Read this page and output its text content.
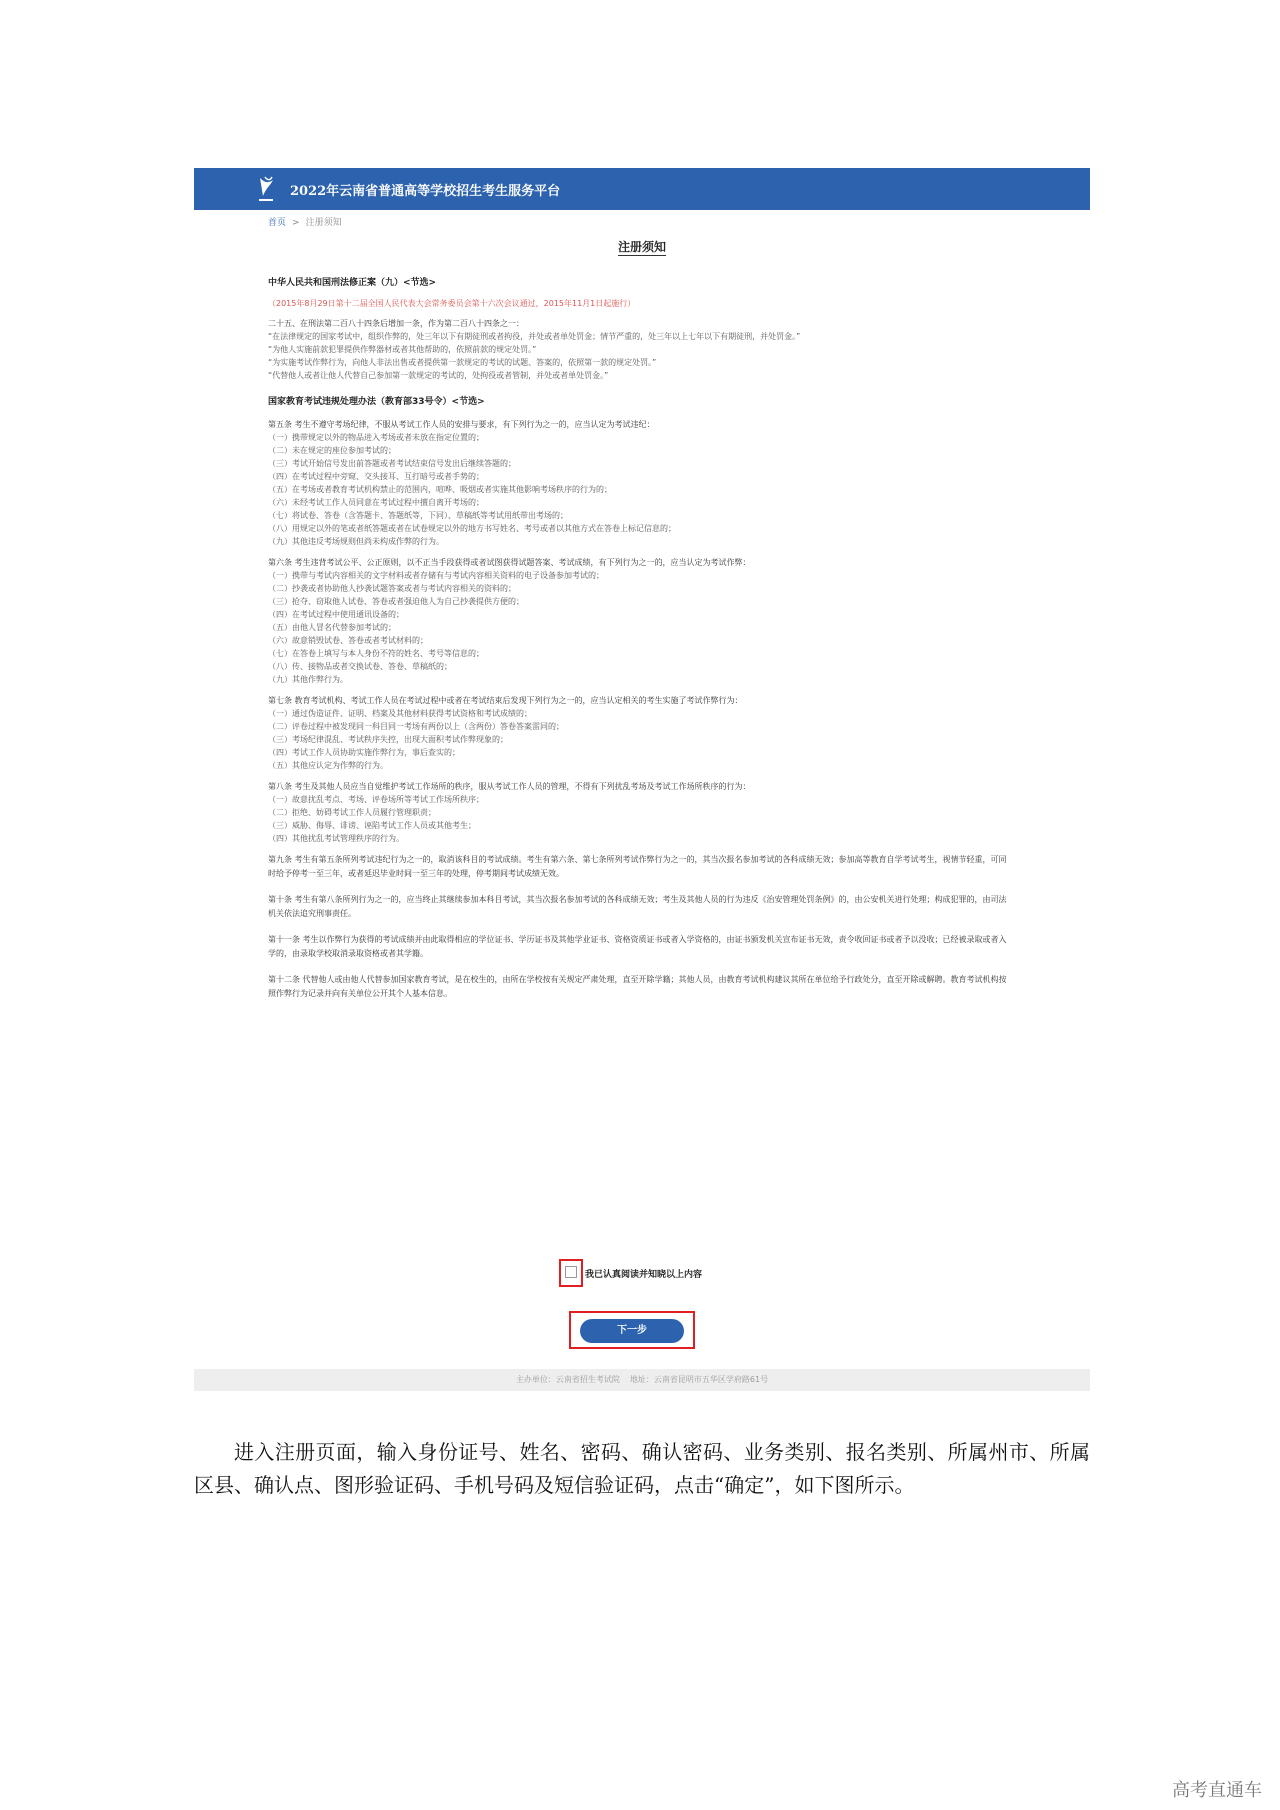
2022年云南省普通高等学校招生考生服务平台
首页 > 注册须知
注册须知
中华人民共和国刑法修正案（九）<节选>
（2015年8月29日第十二届全国人民代表大会常务委员会第十六次会议通过，2015年11月1日起施行）
二十五、在刑法第二百八十四条后增加一条，作为第二百八十四条之一：
“在法律规定的国家考试中，组织作弊的，处三年以下有期徒刑或者拘役，并处或者单处罚金；情节严重的，处三年以上七年以下有期徒刑，并处罚金。”
“为他人实施前款犯罪提供作弊器材或者其他帮助的，依照前款的规定处罚。”
“为实施考试作弊行为，向他人非法出售或者提供第一款规定的考试的试题、答案的，依照第一款的规定处罚。”
“代替他人或者让他人代替自己参加第一款规定的考试的，处拘役或者管制，并处或者单处罚金。”
国家教育考试违规处理办法（教育部33号令）<节选>
第五条 考生不遵守考场纪律，不服从考试工作人员的安排与要求，有下列行为之一的，应当认定为考试违纪：
（一）携带规定以外的物品进入考场或者未放在指定位置的；
（二）未在规定的座位参加考试的；
（三）考试开始信号发出前答题或者考试结束信号发出后继续答题的；
（四）在考试过程中旁窥、交头接耳、互打暗号或者手势的；
（五）在考场或者教育考试机构禁止的范围内，喧哗、吸烟或者实施其他影响考场秩序的行为的；
（六）未经考试工作人员同意在考试过程中擅自离开考场的；
（七）将试卷、答卷（含答题卡、答题纸等，下同）、草稿纸等考试用纸带出考场的；
（八）用规定以外的笔或者纸答题或者在试卷规定以外的地方书写姓名、考号或者以其他方式在答卷上标记信息的；
（九）其他违反考场规则但尚未构成作弊的行为。
第六条 考生违背考试公平、公正原则，以不正当手段获得或者试图获得试题答案、考试成绩，有下列行为之一的，应当认定为考试作弊：
（一）携带与考试内容相关的文字材料或者存储有与考试内容相关资料的电子设备参加考试的；
（二）抄袭或者协助他人抄袭试题答案或者与考试内容相关的资料的；
（三）抢夺、窃取他人试卷、答卷或者强迫他人为自己抄袭提供方便的；
（四）在考试过程中使用通讯设备的；
（五）由他人冒名代替参加考试的；
（六）故意销毁试卷、答卷或者考试材料的；
（七）在答卷上填写与本人身份不符的姓名、考号等信息的；
（八）传、接物品或者交换试卷、答卷、草稿纸的；
（九）其他作弊行为。
第七条 教育考试机构、考试工作人员在考试过程中或者在考试结束后发现下列行为之一的，应当认定相关的考生实施了考试作弊行为：
（一）通过伪造证件、证明、档案及其他材料获得考试资格和考试成绩的；
（二）评卷过程中被发现同一科目同一考场有两份以上（含两份）答卷答案雷同的；
（三）考场纪律混乱、考试秩序失控，出现大面积考试作弊现象的；
（四）考试工作人员协助实施作弊行为，事后查实的；
（五）其他应认定为作弊的行为。
第八条 考生及其他人员应当自觉维护考试工作场所的秩序，服从考试工作人员的管理，不得有下列扰乱考场及考试工作场所秩序的行为：
（一）故意扰乱考点、考场、评卷场所等考试工作场所秩序；
（二）拒绝、妨碍考试工作人员履行管理职责；
（三）威胁、侮辱、诽谤、诬陷考试工作人员或其他考生；
（四）其他扰乱考试管理秩序的行为。
第九条 考生有第五条所列考试违纪行为之一的，取消该科目的考试成绩。考生有第六条、第七条所列考试作弊行为之一的，其当次报名参加考试的各科成绩无效；参加高等教育自学考试考生，视情节轻重，可同时给予停考一至三年，或者延迟毕业时间一至三年的处理，停考期间考试成绩无效。
第十条 考生有第八条所列行为之一的，应当终止其继续参加本科目考试，其当次报名参加考试的各科成绩无效；考生及其他人员的行为违反《治安管理处罚条例》的，由公安机关进行处理；构成犯罪的，由司法机关依法追究刑事责任。
第十一条 考生以作弊行为获得的考试成绩并由此取得相应的学位证书、学历证书及其他学业证书、资格资质证书或者入学资格的，由证书颁发机关宣布证书无效，责令收回证书或者予以没收；已经被录取或者入学的，由录取学校取消录取资格或者其学籍。
第十二条 代替他人或由他人代替参加国家教育考试，是在校生的，由所在学校按有关规定严肃处理，直至开除学籍；其他人员，由教育考试机构建议其所在单位给予行政处分，直至开除或解聘。教育考试机构按照作弊行为记录并向有关单位公开其个人基本信息。
我已认真阅读并知晓以上内容
下一步
主办单位：云南省招生考试院 地址：云南省昆明市五华区学府路61号

进入注册页面，输入身份证号、姓名、密码、确认密码、业务类别、报名类别、所属州市、所属区县、确认点、图形验证码、手机号码及短信验证码，点击“确定”，如下图所示。

高考直通车
